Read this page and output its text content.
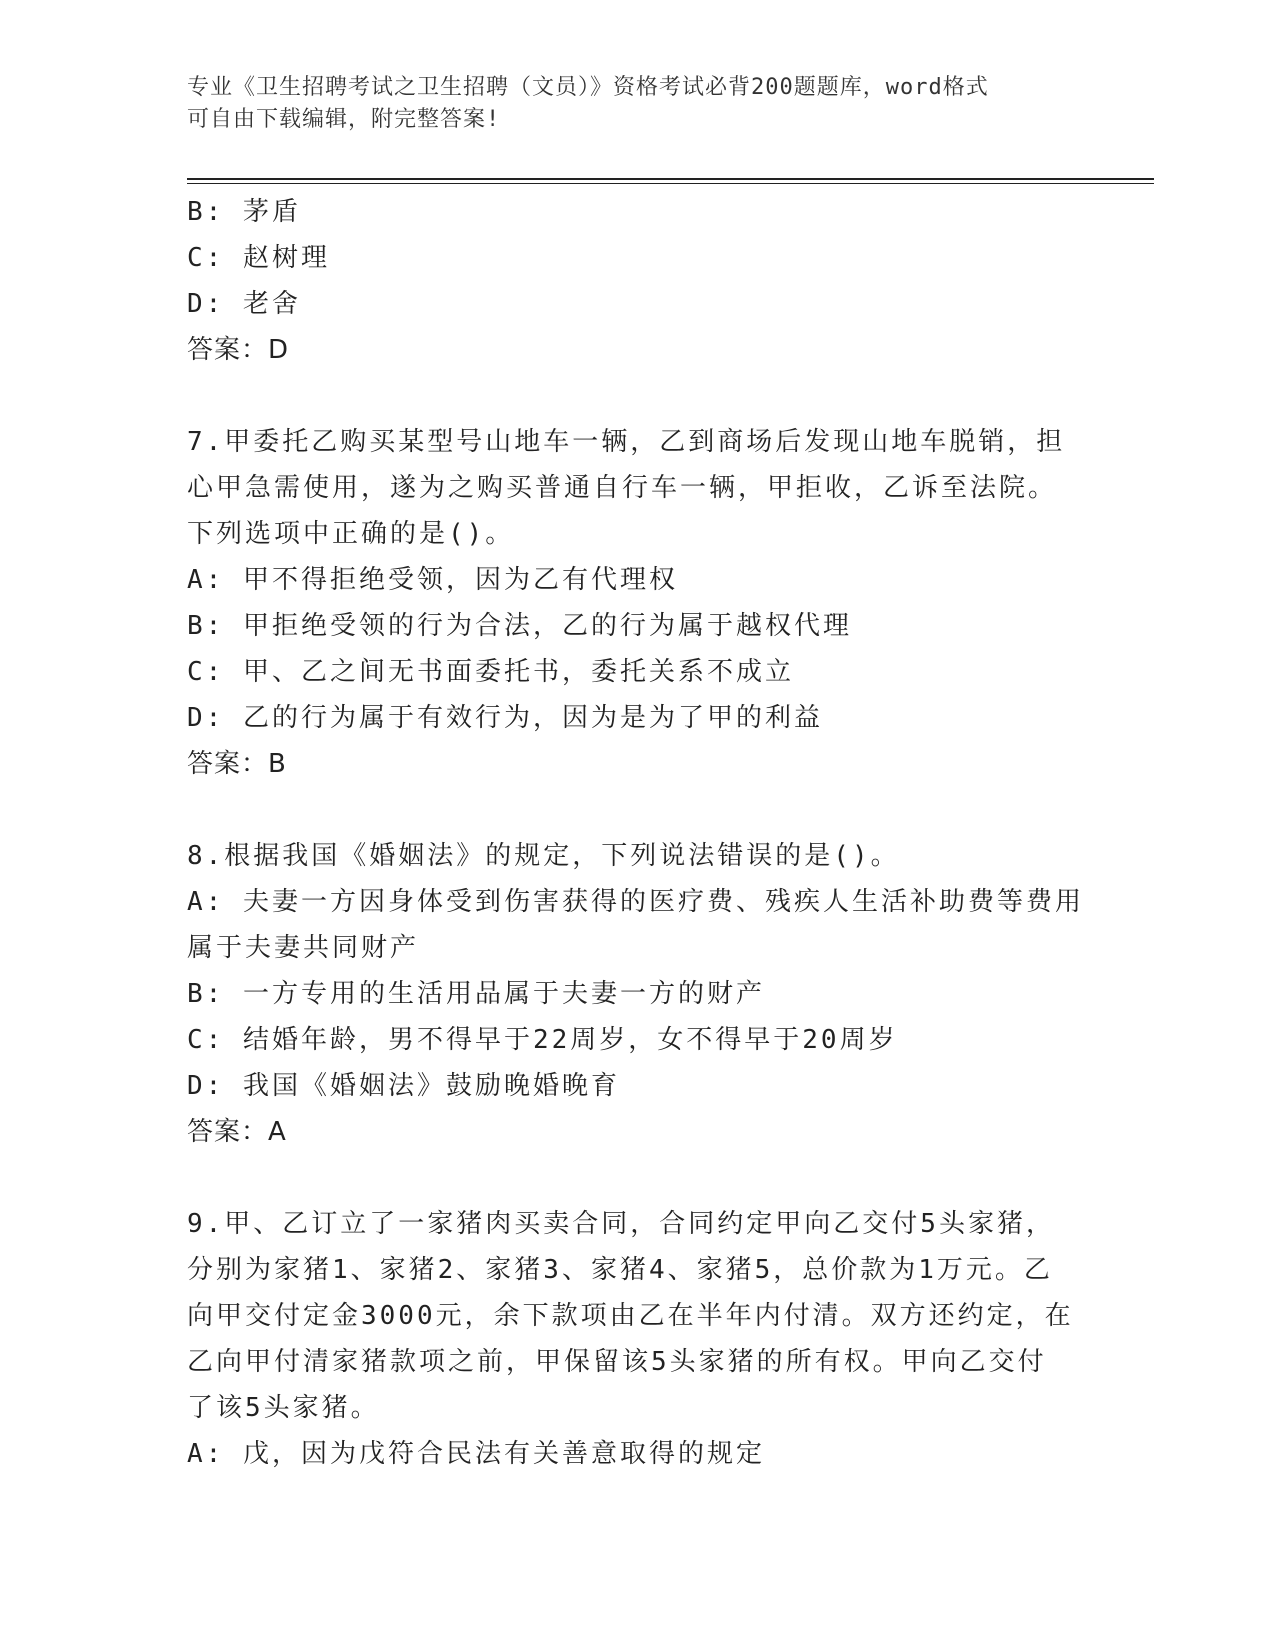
专业《卫生招聘考试之卫生招聘（文员）》资格考试必背200题题库，word格式
可自由下载编辑，附完整答案!
B: 茅盾
C: 赵树理
D: 老舍
答案：D
7.甲委托乙购买某型号山地车一辆，乙到商场后发现山地车脱销，担
心甲急需使用，遂为之购买普通自行车一辆，甲拒收，乙诉至法院。
下列选项中正确的是()。
A: 甲不得拒绝受领，因为乙有代理权
B: 甲拒绝受领的行为合法，乙的行为属于越权代理
C: 甲、乙之间无书面委托书，委托关系不成立
D: 乙的行为属于有效行为，因为是为了甲的利益
答案：B
8.根据我国《婚姻法》的规定，下列说法错误的是()。
A: 夫妻一方因身体受到伤害获得的医疗费、残疾人生活补助费等费用
属于夫妻共同财产
B: 一方专用的生活用品属于夫妻一方的财产
C: 结婚年龄，男不得早于22周岁，女不得早于20周岁
D: 我国《婚姻法》鼓励晚婚晚育
答案：A
9.甲、乙订立了一家猪肉买卖合同，合同约定甲向乙交付5头家猪，
分别为家猪1、家猪2、家猪3、家猪4、家猪5，总价款为1万元。乙
向甲交付定金3000元，余下款项由乙在半年内付清。双方还约定，在
乙向甲付清家猪款项之前，甲保留该5头家猪的所有权。甲向乙交付
了该5头家猪。
A: 戊，因为戊符合民法有关善意取得的规定
